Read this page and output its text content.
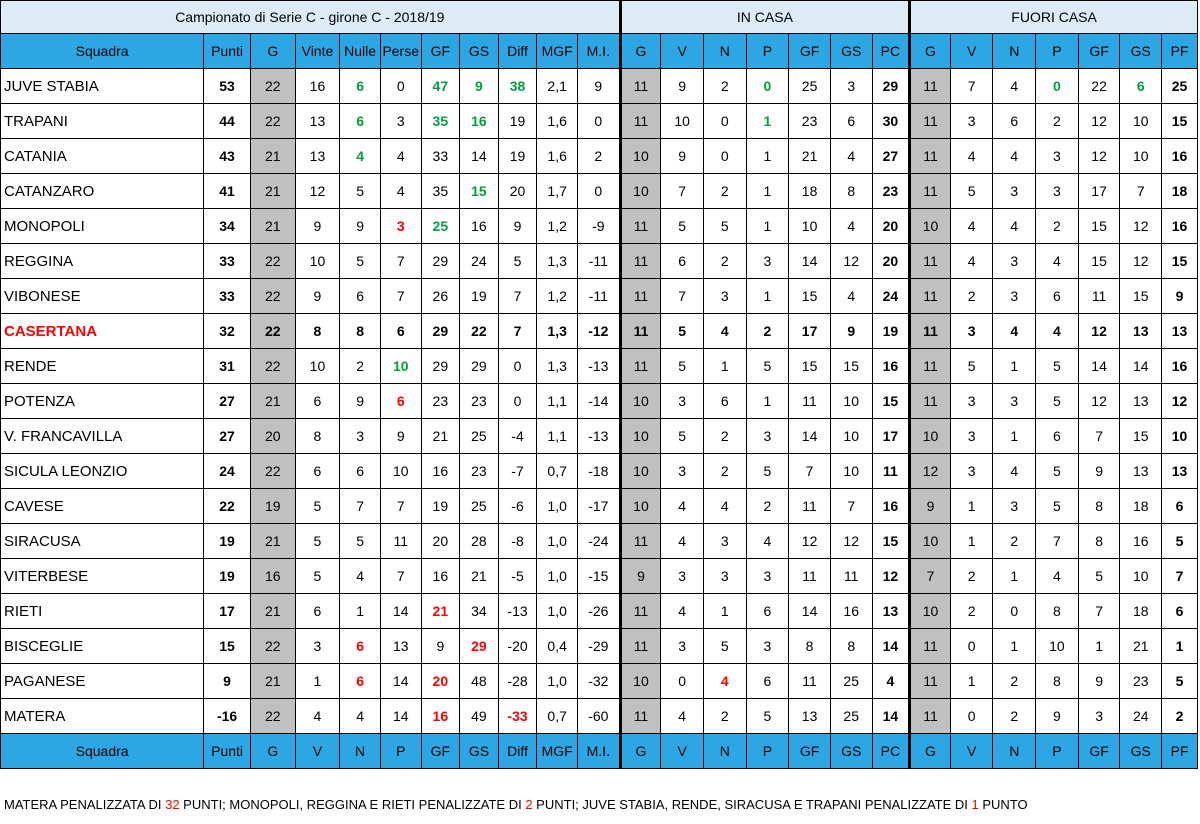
Campionato di Serie C - girone C - 2018/19											IN CASA							FUORI CASA						
Squadra	Punti	G	Vinte	Nulle	Perse	GF	GS	Diff	MGF	M.I.	G	V	N	P	GF	GS	PC	G	V	N	P	GF	GS	PF
JUVE STABIA	53	22	16	6	0	47	9	38	2,1	9	11	9	2	0	25	3	29	11	7	4	0	22	6	25
TRAPANI	44	22	13	6	3	35	16	19	1,6	0	11	10	0	1	23	6	30	11	3	6	2	12	10	15
CATANIA	43	21	13	4	4	33	14	19	1,6	2	10	9	0	1	21	4	27	11	4	4	3	12	10	16
CATANZARO	41	21	12	5	4	35	15	20	1,7	0	10	7	2	1	18	8	23	11	5	3	3	17	7	18
MONOPOLI	34	21	9	9	3	25	16	9	1,2	-9	11	5	5	1	10	4	20	10	4	4	2	15	12	16
REGGINA	33	22	10	5	7	29	24	5	1,3	-11	11	6	2	3	14	12	20	11	4	3	4	15	12	15
VIBONESE	33	22	9	6	7	26	19	7	1,2	-11	11	7	3	1	15	4	24	11	2	3	6	11	15	9
CASERTANA	32	22	8	8	6	29	22	7	1,3	-12	11	5	4	2	17	9	19	11	3	4	4	12	13	13
RENDE	31	22	10	2	10	29	29	0	1,3	-13	11	5	1	5	15	15	16	11	5	1	5	14	14	16
POTENZA	27	21	6	9	6	23	23	0	1,1	-14	10	3	6	1	11	10	15	11	3	3	5	12	13	12
V. FRANCAVILLA	27	20	8	3	9	21	25	-4	1,1	-13	10	5	2	3	14	10	17	10	3	1	6	7	15	10
SICULA LEONZIO	24	22	6	6	10	16	23	-7	0,7	-18	10	3	2	5	7	10	11	12	3	4	5	9	13	13
CAVESE	22	19	5	7	7	19	25	-6	1,0	-17	10	4	4	2	11	7	16	9	1	3	5	8	18	6
SIRACUSA	19	21	5	5	11	20	28	-8	1,0	-24	11	4	3	4	12	12	15	10	1	2	7	8	16	5
VITERBESE	19	16	5	4	7	16	21	-5	1,0	-15	9	3	3	3	11	11	12	7	2	1	4	5	10	7
RIETI	17	21	6	1	14	21	34	-13	1,0	-26	11	4	1	6	14	16	13	10	2	0	8	7	18	6
BISCEGLIE	15	22	3	6	13	9	29	-20	0,4	-29	11	3	5	3	8	8	14	11	0	1	10	1	21	1
PAGANESE	9	21	1	6	14	20	48	-28	1,0	-32	10	0	4	6	11	25	4	11	1	2	8	9	23	5
MATERA	-16	22	4	4	14	16	49	-33	0,7	-60	11	4	2	5	13	25	14	11	0	2	9	3	24	2
Squadra	Punti	G	V	N	P	GF	GS	Diff	MGF	M.I.	G	V	N	P	GF	GS	PC	G	V	N	P	GF	GS	PF
MATERA PENALIZZATA DI 32 PUNTI; MONOPOLI, REGGINA E RIETI PENALIZZATE DI 2 PUNTI; JUVE STABIA, RENDE, SIRACUSA E TRAPANI PENALIZZATE DI 1 PUNTO
